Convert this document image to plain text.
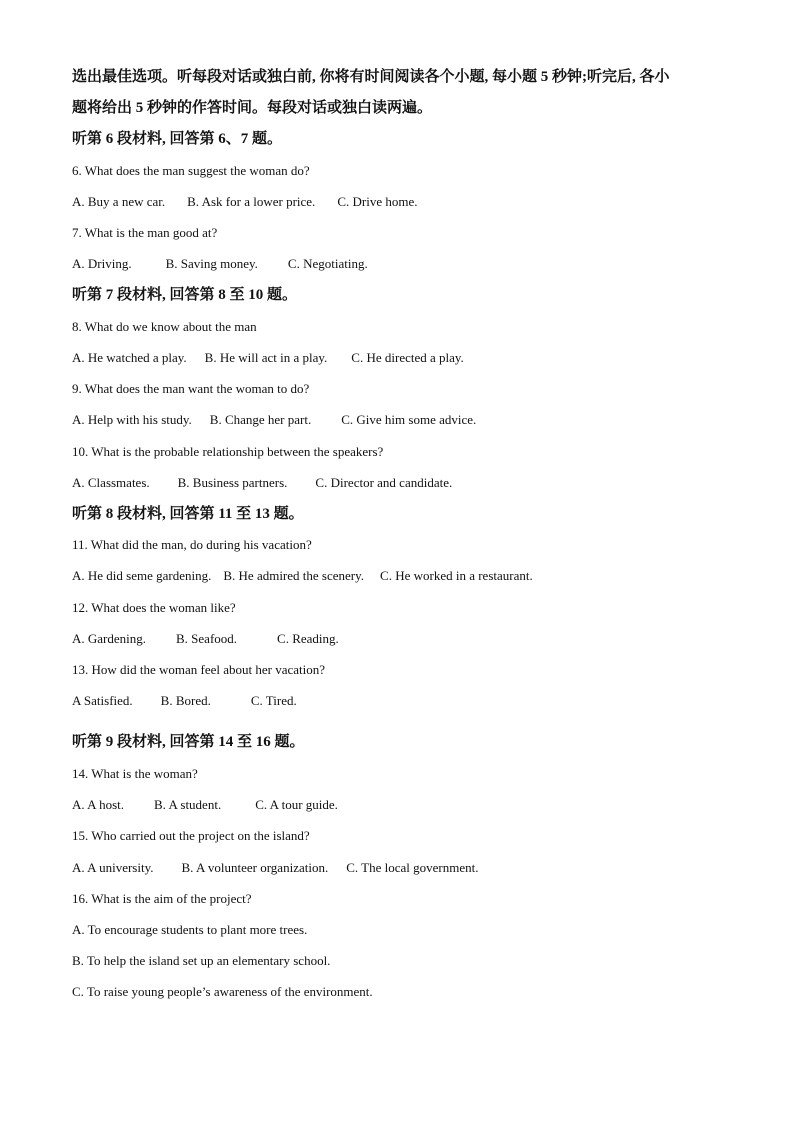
选出最佳选项。听每段对话或独白前, 你将有时间阅读各个小题, 每小题 5 秒钟;听完后, 各小
题将给出 5 秒钟的作答时间。每段对话或独白读两遍。
听第 6 段材料, 回答第 6、7 题。
6. What does the man suggest the woman do?
A. Buy a new car. B. Ask for a lower price. C. Drive home.
7. What is the man good at?
A. Driving.	B. Saving money. C. Negotiating.
听第 7 段材料, 回答第 8 至 10 题。
8. What do we know about the man
A. He watched a play. B. He will act in a play. C. He directed a play.
9. What does the man want the woman to do?
A. Help with his study. B. Change her part. C. Give him some advice.
10. What is the probable relationship between the speakers?
A. Classmates. B. Business partners. C. Director and candidate.
听第 8 段材料, 回答第 11 至 13 题。
11. What did the man, do during his vacation?
A. He did seme gardening. B. He admired the scenery. C. He worked in a restaurant.
12. What does the woman like?
A. Gardening. B. Seafood.	C. Reading.
13. How did the woman feel about her vacation?
A Satisfied. B. Bored.	C. Tired.
听第 9 段材料, 回答第 14 至 16 题。
14. What is the woman?
A. A host. B. A student.	C. A tour guide.
15. Who carried out the project on the island?
A. A university. B. A volunteer organization. C. The local government.
16. What is the aim of the project?
A. To encourage students to plant more trees.
B. To help the island set up an elementary school.
C. To raise young people’s awareness of the environment.
